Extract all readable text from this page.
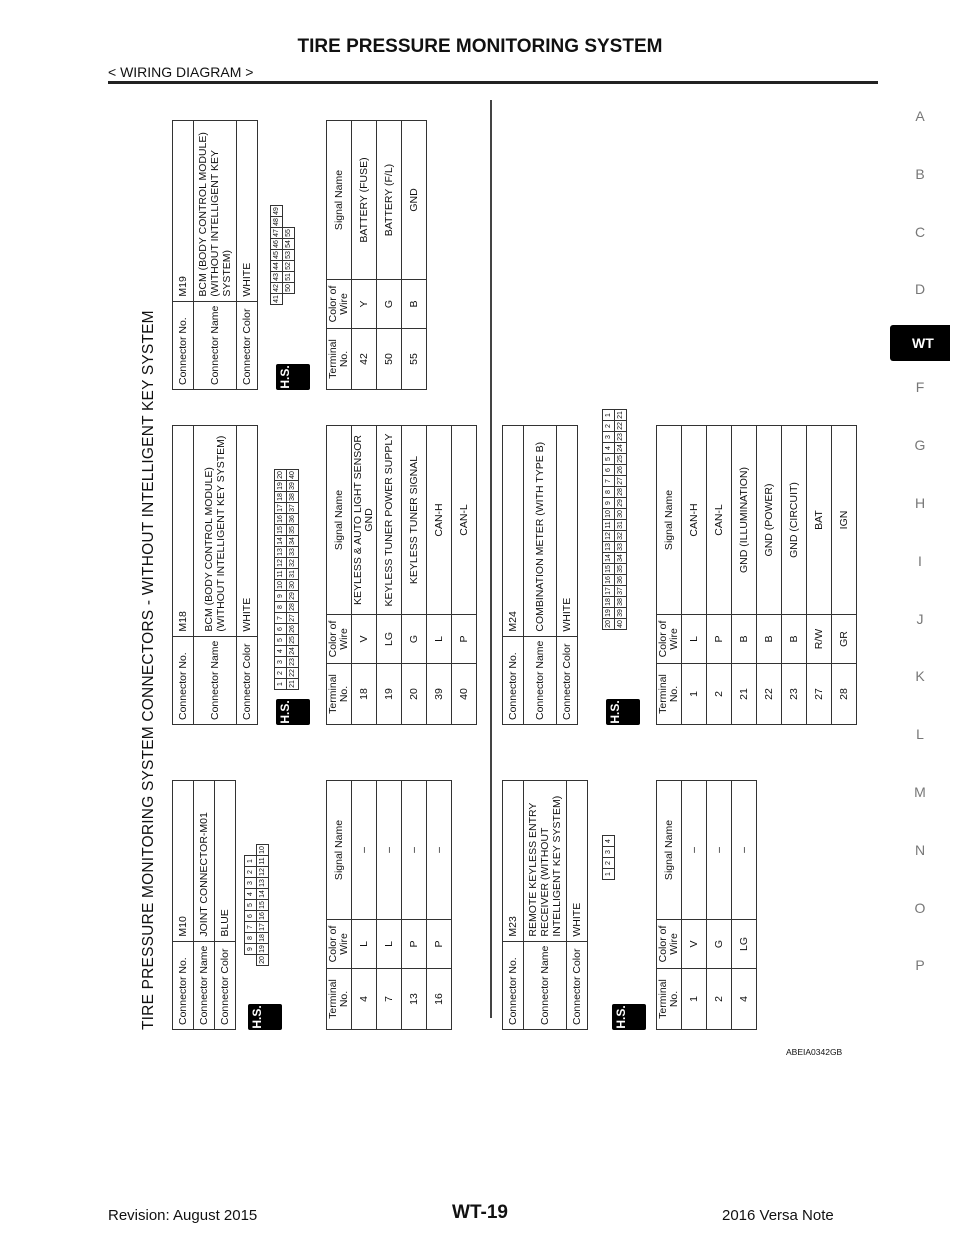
TIRE PRESSURE MONITORING SYSTEM
< WIRING DIAGRAM >
A
B
C
D
WT
F
G
H
I
J
K
L
M
N
O
P
TIRE PRESSURE MONITORING SYSTEM CONNECTORS - WITHOUT INTELLIGENT KEY SYSTEM Connector No.	M10
Connector Name	JOINT CONNECTOR-M01
Connector Color	BLUE
H.S.
	9	8	7	6	5	4	3	2	1	
20	19	18	17	16	15	14	13	12	11	10
Terminal No.	Color of Wire	Signal Name
4	L	–
7	L	–
13	P	–
16	P	–
Connector No.	M18
Connector Name	BCM (BODY CONTROL MODULE) (WITHOUT INTELLIGENT KEY SYSTEM)
Connector Color	WHITE
H.S.
1	2	3	4	5	6	7	8	9	10	11	12	13	14	15	16	17	18	19	20
21	22	23	24	25	26	27	28	29	30	31	32	33	34	35	36	37	38	39	40
Terminal No.	Color of Wire	Signal Name
18	V	KEYLESS & AUTO LIGHT SENSOR GND
19	LG	KEYLESS TUNER POWER SUPPLY
20	G	KEYLESS TUNER SIGNAL
39	L	CAN-H
40	P	CAN-L
Connector No.	M19
Connector Name	BCM (BODY CONTROL MODULE) (WITHOUT INTELLIGENT KEY SYSTEM)
Connector Color	WHITE
H.S.
41	42	43	44	45	46	47	48	49
	50	51	52	53	54	55		
Terminal No.	Color of Wire	Signal Name
42	Y	BATTERY (FUSE)
50	G	BATTERY (F/L)
55	B	GND
Connector No.	M23
Connector Name	REMOTE KEYLESS ENTRY RECEIVER (WITHOUT INTELLIGENT KEY SYSTEM)
Connector Color	WHITE
H.S.
1	2	3	4
Terminal No.	Color of Wire	Signal Name
1	V	–
2	G	–
4	LG	–
Connector No.	M24
Connector Name	COMBINATION METER (WITH TYPE B)
Connector Color	WHITE
H.S.
20	19	18	17	16	15	14	13	12	11	10	9	8	7	6	5	4	3	2	1
40	39	38	37	36	35	34	33	32	31	30	29	28	27	26	25	24	23	22	21
Terminal No.	Color of Wire	Signal Name
1	L	CAN-H
2	P	CAN-L
21	B	GND (ILLUMINATION)
22	B	GND (POWER)
23	B	GND (CIRCUIT)
27	R/W	BAT
28	GR	IGN
ABEIA0342GB
Revision: August 2015	WT-19	2016 Versa Note
